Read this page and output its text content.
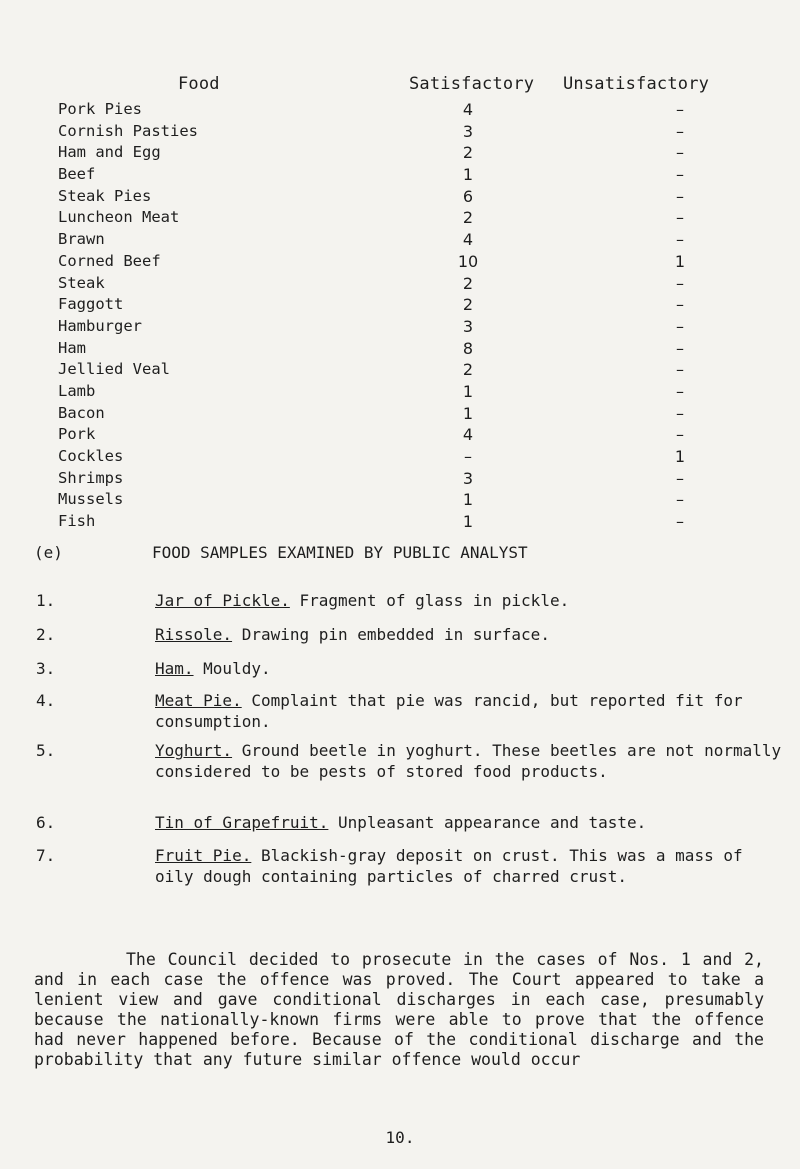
Food	Satisfactory Unsatisfactory
Pork Pies	4	–
Cornish Pasties	3	–
Ham and Egg	2	–
Beef	1	–
Steak Pies	6	–
Luncheon Meat	2	–
Brawn	4	–
Corned Beef	10	1
Steak	2	–
Faggott	2	–
Hamburger	3	–
Ham	8	–
Jellied Veal	2	–
Lamb	1	–
Bacon	1	–
Pork	4	–
Cockles	–	1
Shrimps	3	–
Mussels	1	–
Fish	1	–
(e)	FOOD SAMPLES EXAMINED BY PUBLIC ANALYST
1.	Jar of Pickle. Fragment of glass in pickle.
2.	Rissole. Drawing pin embedded in surface.
3.	Ham. Mouldy.
4.	Meat Pie. Complaint that pie was rancid, but reported fit for consumption.
5.	Yoghurt. Ground beetle in yoghurt. These beetles are not normally considered to be pests of stored food products.
6.	Tin of Grapefruit. Unpleasant appearance and taste.
7.	Fruit Pie. Blackish-gray deposit on crust. This was a mass of oily dough containing particles of charred crust.
The Council decided to prosecute in the cases of Nos. 1 and 2, and in each case the offence was proved. The Court appeared to take a lenient view and gave conditional discharges in each case, presumably because the nationally-known firms were able to prove that the offence had never happened before. Because of the conditional discharge and the probability that any future similar offence would occur
10.
